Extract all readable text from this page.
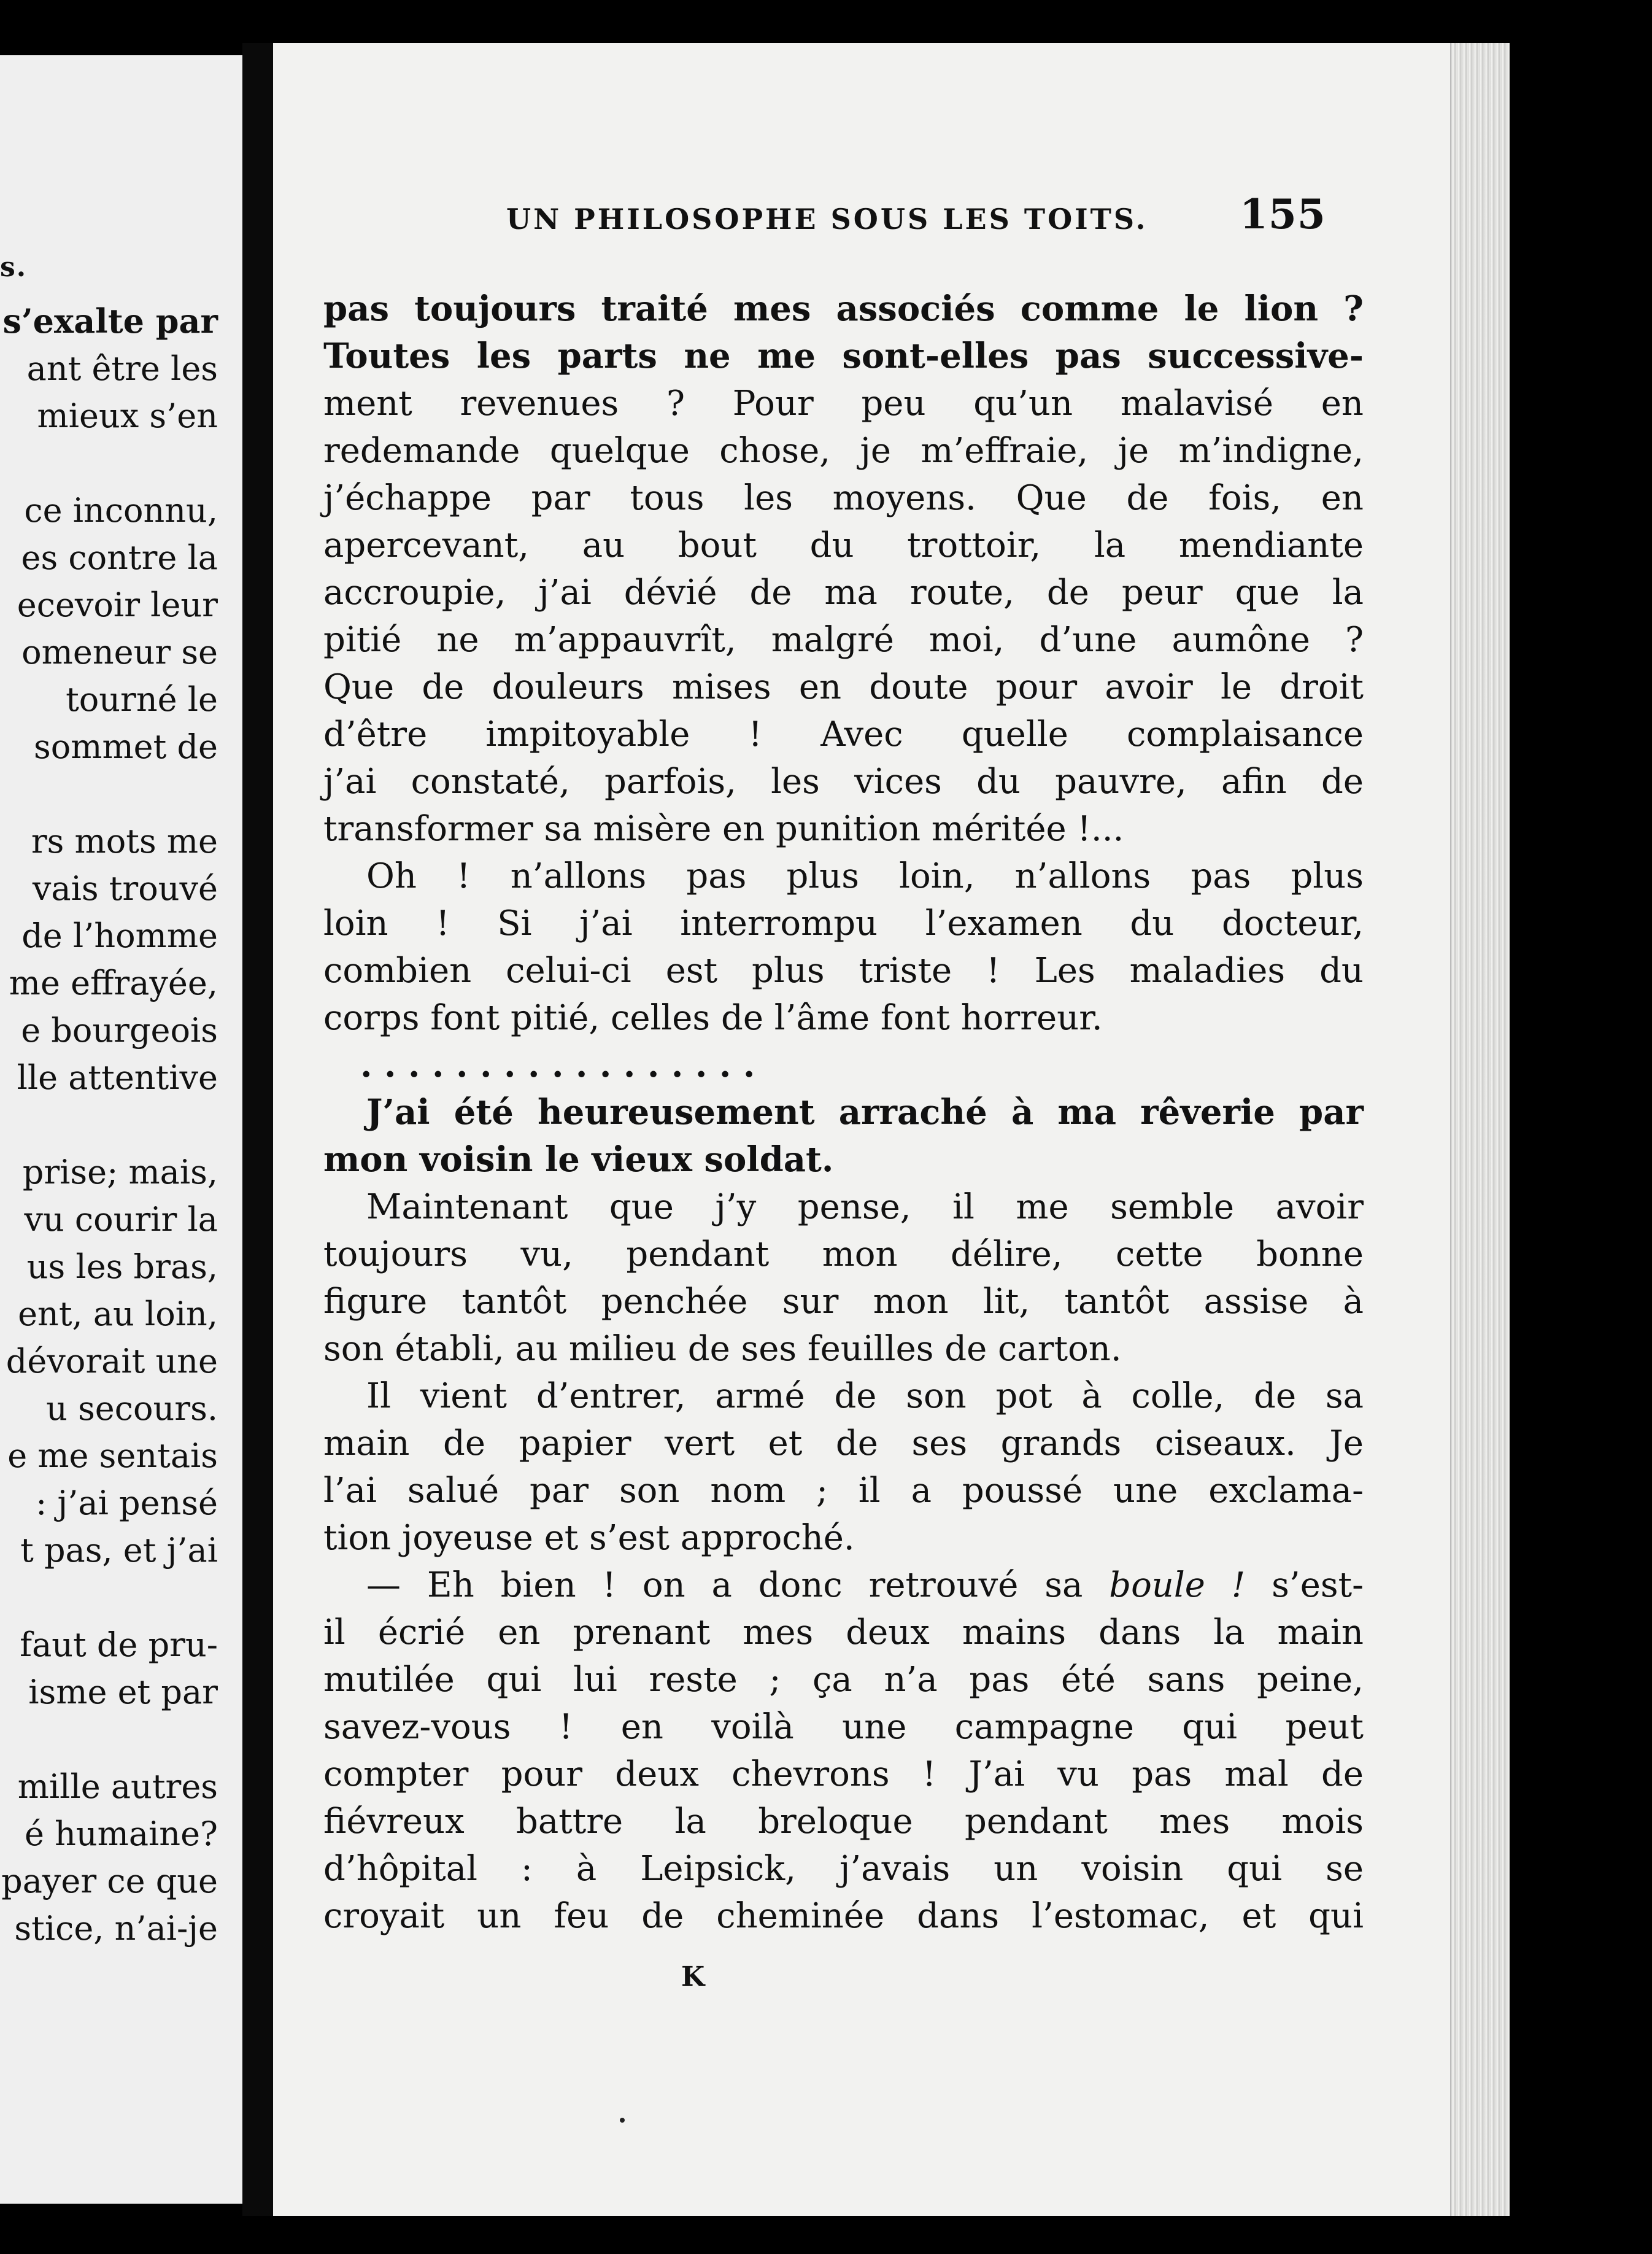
s.
s’exalte par
ant être les
mieux s’en
ce inconnu,
es contre la
ecevoir leur
omeneur se
tourné le
sommet de
rs mots me
vais trouvé
de l’homme
me effrayée,
e bourgeois
lle attentive
prise; mais,
vu courir la
us les bras,
ent, au loin,
dévorait une
u secours.
e me sentais
: j’ai pensé
t pas, et j’ai
faut de pru-
isme et par
mille autres
é humaine?
payer ce que
stice, n’ai-je
UN PHILOSOPHE SOUS LES TOITS. 155
pas toujours traité mes associés comme le lion ?
Toutes les parts ne me sont-elles pas successive-
ment revenues ? Pour peu qu’un malavisé en
redemande quelque chose, je m’effraie, je m’indigne,
j’échappe par tous les moyens. Que de fois, en
apercevant, au bout du trottoir, la mendiante
accroupie, j’ai dévié de ma route, de peur que la
pitié ne m’appauvrît, malgré moi, d’une aumône ?
Que de douleurs mises en doute pour avoir le droit
d’être impitoyable ! Avec quelle complaisance
j’ai constaté, parfois, les vices du pauvre, afin de
transformer sa misère en punition méritée !...
Oh ! n’allons pas plus loin, n’allons pas plus
loin ! Si j’ai interrompu l’examen du docteur,
combien celui-ci est plus triste ! Les maladies du
corps font pitié, celles de l’âme font horreur.
. . . . . . . . . . . . . . . . .
J’ai été heureusement arraché à ma rêverie par
mon voisin le vieux soldat.
Maintenant que j’y pense, il me semble avoir
toujours vu, pendant mon délire, cette bonne
figure tantôt penchée sur mon lit, tantôt assise à
son établi, au milieu de ses feuilles de carton.
Il vient d’entrer, armé de son pot à colle, de sa
main de papier vert et de ses grands ciseaux. Je
l’ai salué par son nom ; il a poussé une exclama-
tion joyeuse et s’est approché.
— Eh bien ! on a donc retrouvé sa boule ! s’est-
il écrié en prenant mes deux mains dans la main
mutilée qui lui reste ; ça n’a pas été sans peine,
savez-vous ! en voilà une campagne qui peut
compter pour deux chevrons ! J’ai vu pas mal de
fiévreux battre la breloque pendant mes mois
d’hôpital : à Leipsick, j’avais un voisin qui se
croyait un feu de cheminée dans l’estomac, et qui
K
